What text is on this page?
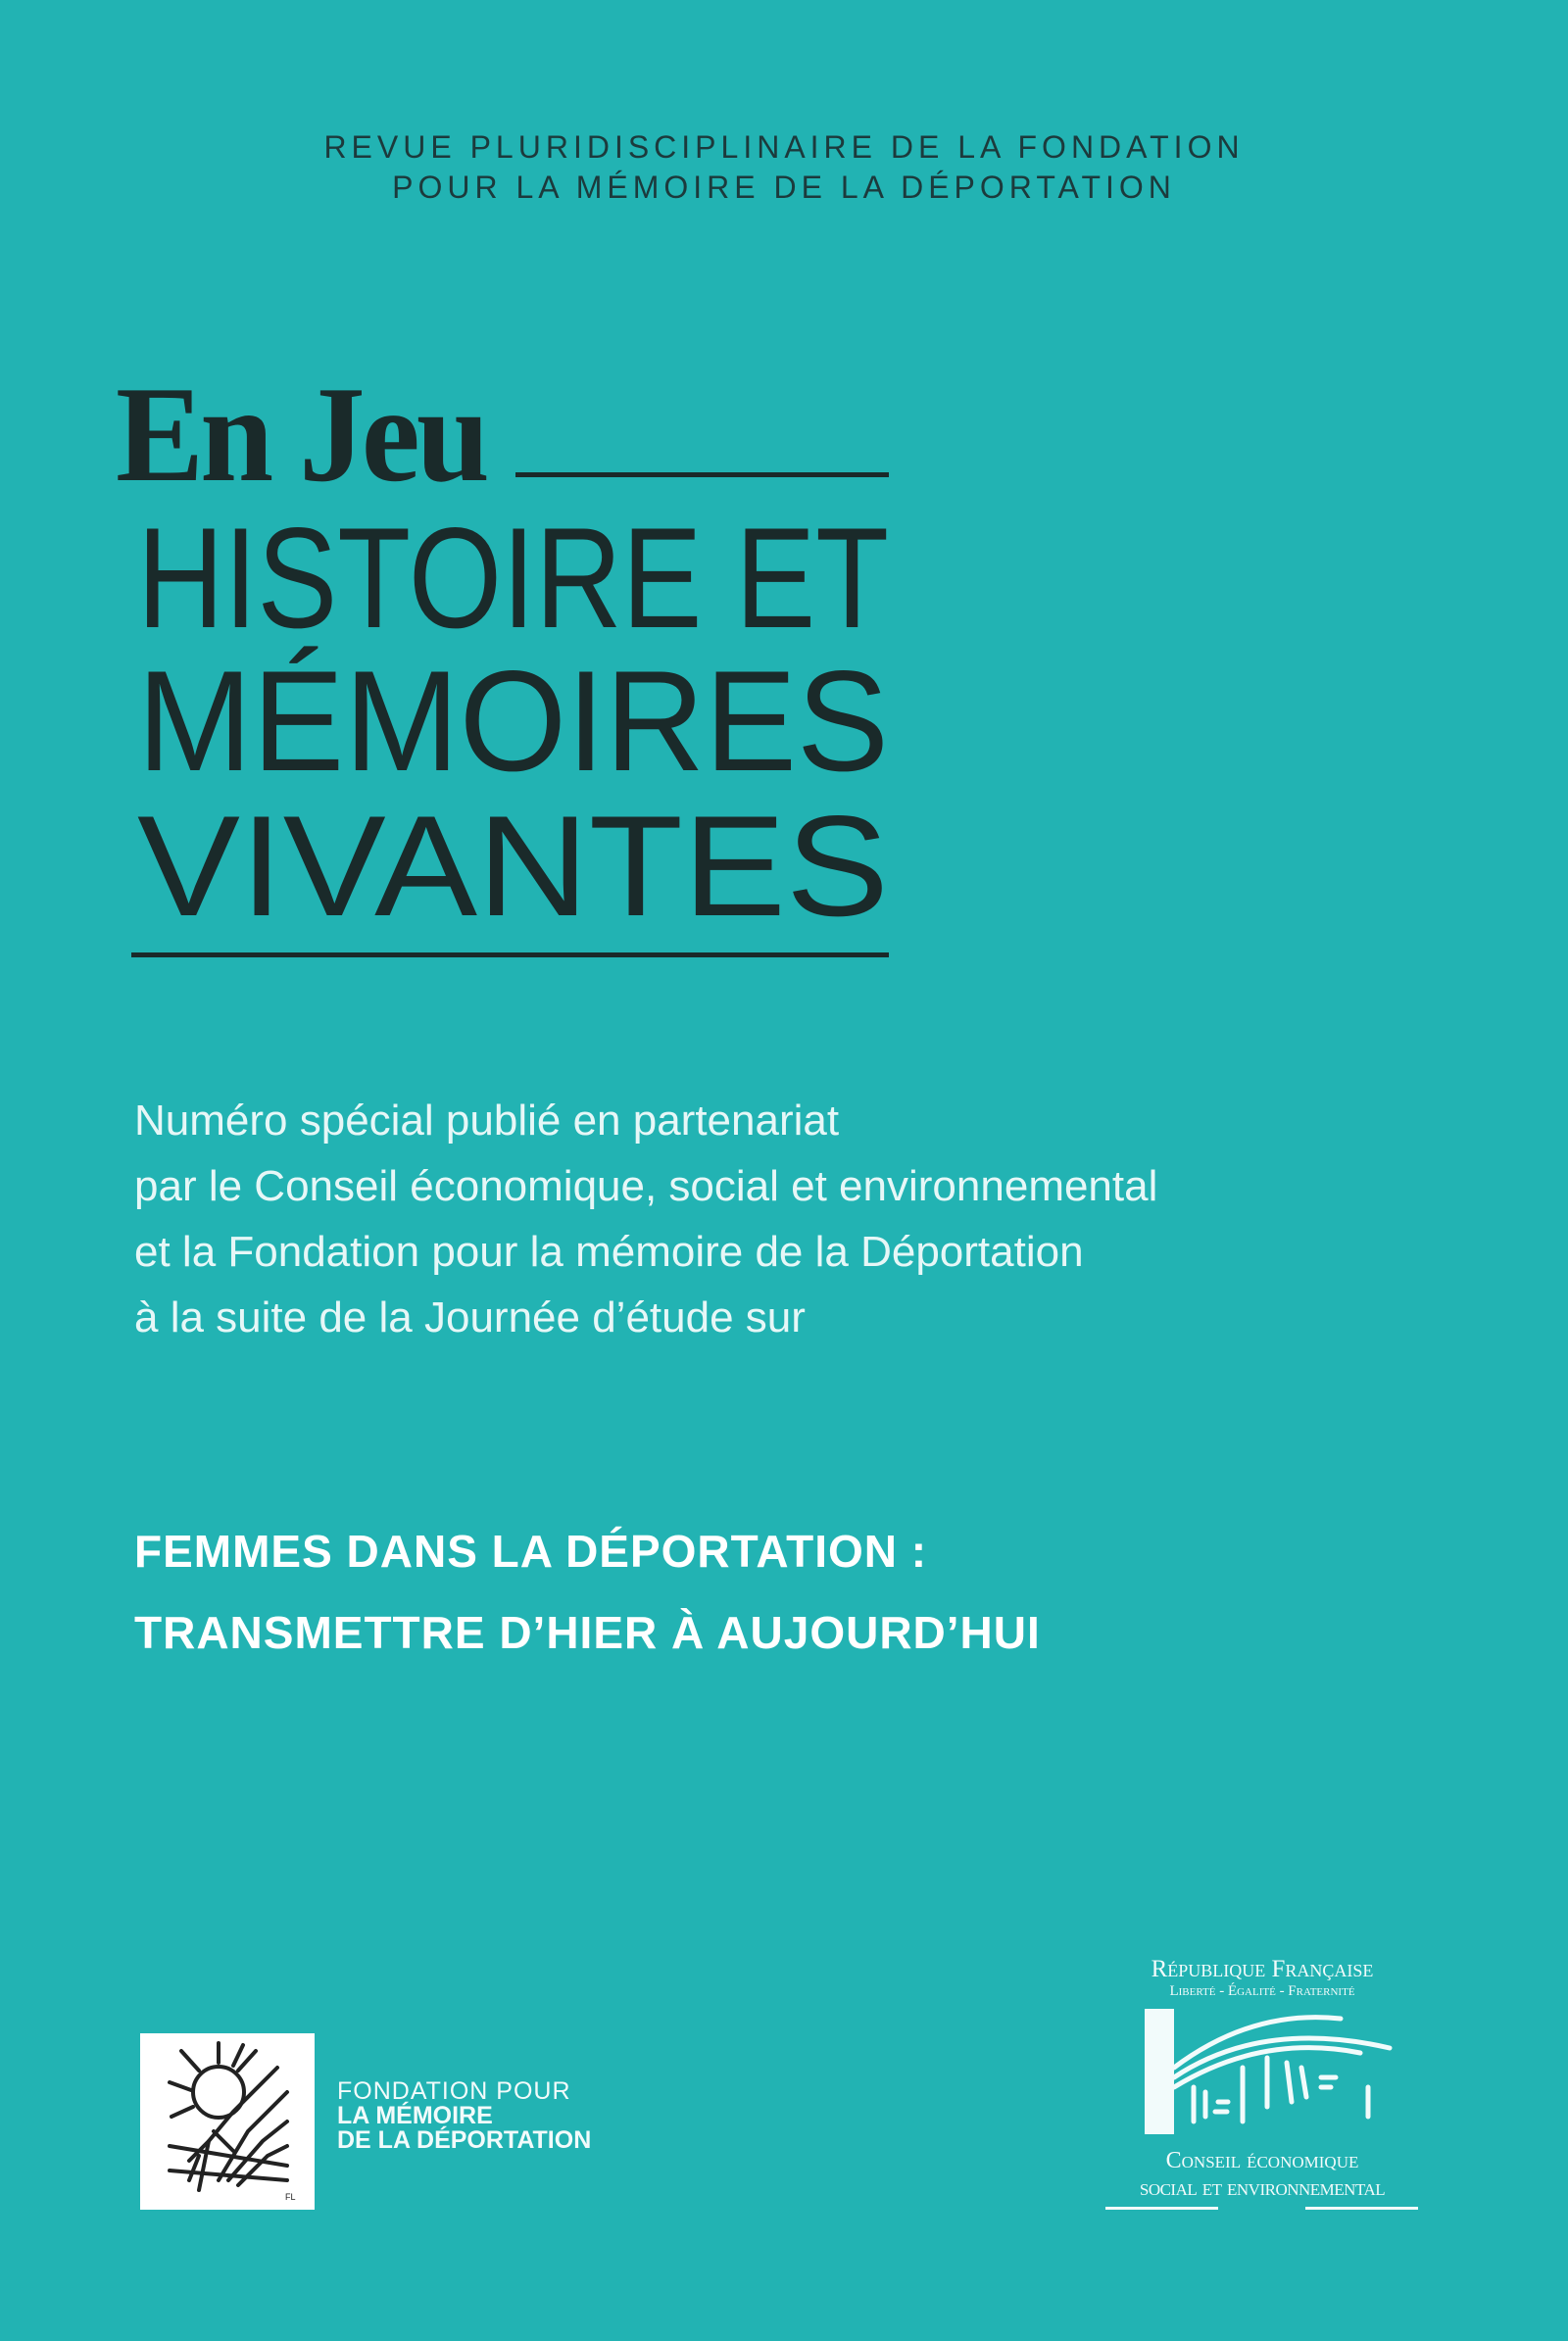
REVUE PLURIDISCIPLINAIRE DE LA FONDATION
POUR LA MÉMOIRE DE LA DÉPORTATION
En Jeu
HISTOIRE ET
MÉMOIRES
VIVANTES
Numéro spécial publié en partenariat
par le Conseil économique, social et environnemental
et la Fondation pour la mémoire de la Déportation
à la suite de la Journée d’étude sur
FEMMES DANS LA DÉPORTATION :
TRANSMETTRE D’HIER À AUJOURD’HUI
FL
FONDATION POUR
LA MÉMOIRE
DE LA DÉPORTATION
République Française
Liberté - Égalité - Fraternité
Conseil économique
social et environnemental
